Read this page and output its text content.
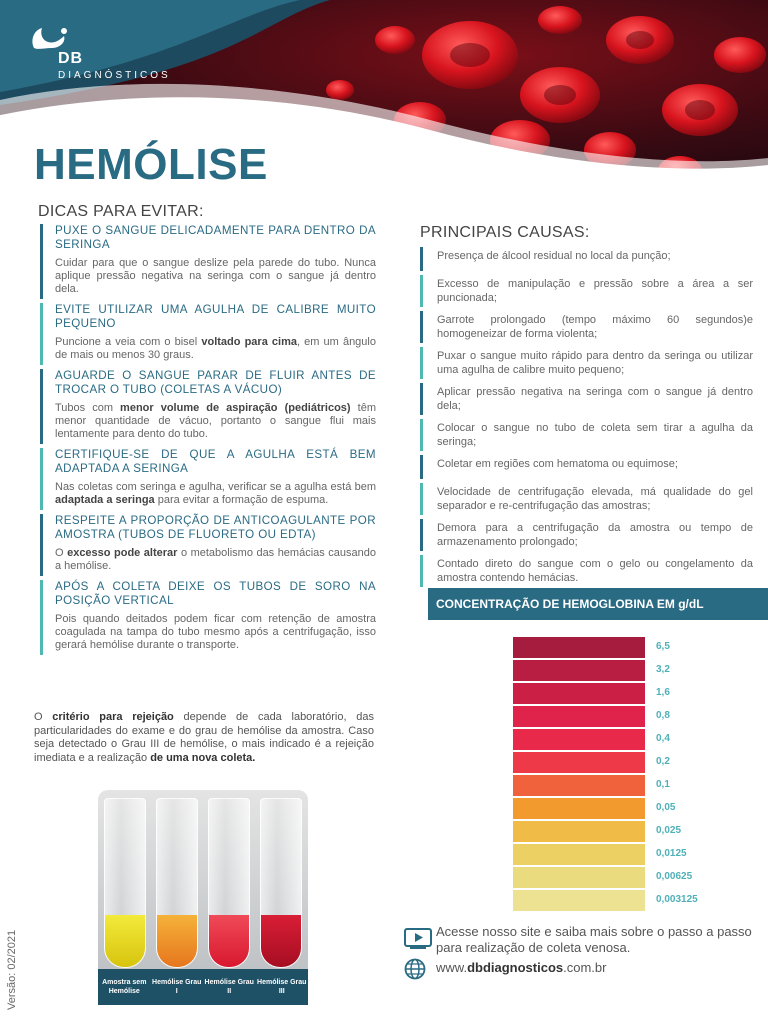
DB
DIAGNÓSTICOS
HEMÓLISE
DICAS PARA EVITAR:
PUXE O SANGUE DELICADAMENTE PARA DENTRO DA SERINGA
Cuidar para que o sangue deslize pela parede do tubo. Nunca aplique pressão negativa na seringa com o sangue já dentro dela.
EVITE UTILIZAR UMA AGULHA DE CALIBRE MUITO PEQUENO
Puncione a veia com o bisel voltado para cima, em um ângulo de mais ou menos 30 graus.
AGUARDE O SANGUE PARAR DE FLUIR ANTES DE TROCAR O TUBO (COLETAS A VÁCUO)
Tubos com menor volume de aspiração (pediátricos) têm menor quantidade de vácuo, portanto o sangue flui mais lentamente para dento do tubo.
CERTIFIQUE-SE DE QUE A AGULHA ESTÁ BEM ADAPTADA A SERINGA
Nas coletas com seringa e agulha, verificar se a agulha está bem adaptada a seringa para evitar a formação de espuma.
RESPEITE A PROPORÇÃO DE ANTICOAGULANTE POR AMOSTRA (TUBOS DE FLUORETO OU EDTA)
O excesso pode alterar o metabolismo das hemácias causando a hemólise.
APÓS A COLETA DEIXE OS TUBOS DE SORO NA POSIÇÃO VERTICAL
Pois quando deitados podem ficar com retenção de amostra coagulada na tampa do tubo mesmo após a centrifugação, isso gerará hemólise durante o transporte.
O critério para rejeição depende de cada laboratório, das particularidades do exame e do grau de hemólise da amostra. Caso seja detectado o Grau III de hemólise, o mais indicado é a rejeição imediata e a realização de uma nova coleta.
Amostra sem Hemólise
Hemólise Grau I
Hemólise Grau II
Hemólise Grau III
Versão: 02/2021
PRINCIPAIS CAUSAS:
Presença de álcool residual no local da punção;
Excesso de manipulação e pressão sobre a área a ser puncionada;
Garrote prolongado (tempo máximo 60 segundos)e homogeneizar de forma violenta;
Puxar o sangue muito rápido para dentro da seringa ou utilizar uma agulha de calibre muito pequeno;
Aplicar pressão negativa na seringa com o sangue já dentro dela;
Colocar o sangue no tubo de coleta sem tirar a agulha da seringa;
Coletar em regiões com hematoma ou equimose;
Velocidade de centrifugação elevada, má qualidade do gel separador e re-centrifugação das amostras;
Demora para a centrifugação da amostra ou tempo de armazenamento prolongado;
Contado direto do sangue com o gelo ou congelamento da amostra contendo hemácias.
CONCENTRAÇÃO DE HEMOGLOBINA EM g/dL
6,5
3,2
1,6
0,8
0,4
0,2
0,1
0,05
0,025
0,0125
0,00625
0,003125
Acesse nosso site e saiba mais sobre o passo a passo para realização de coleta venosa.
www.dbdiagnosticos.com.br
